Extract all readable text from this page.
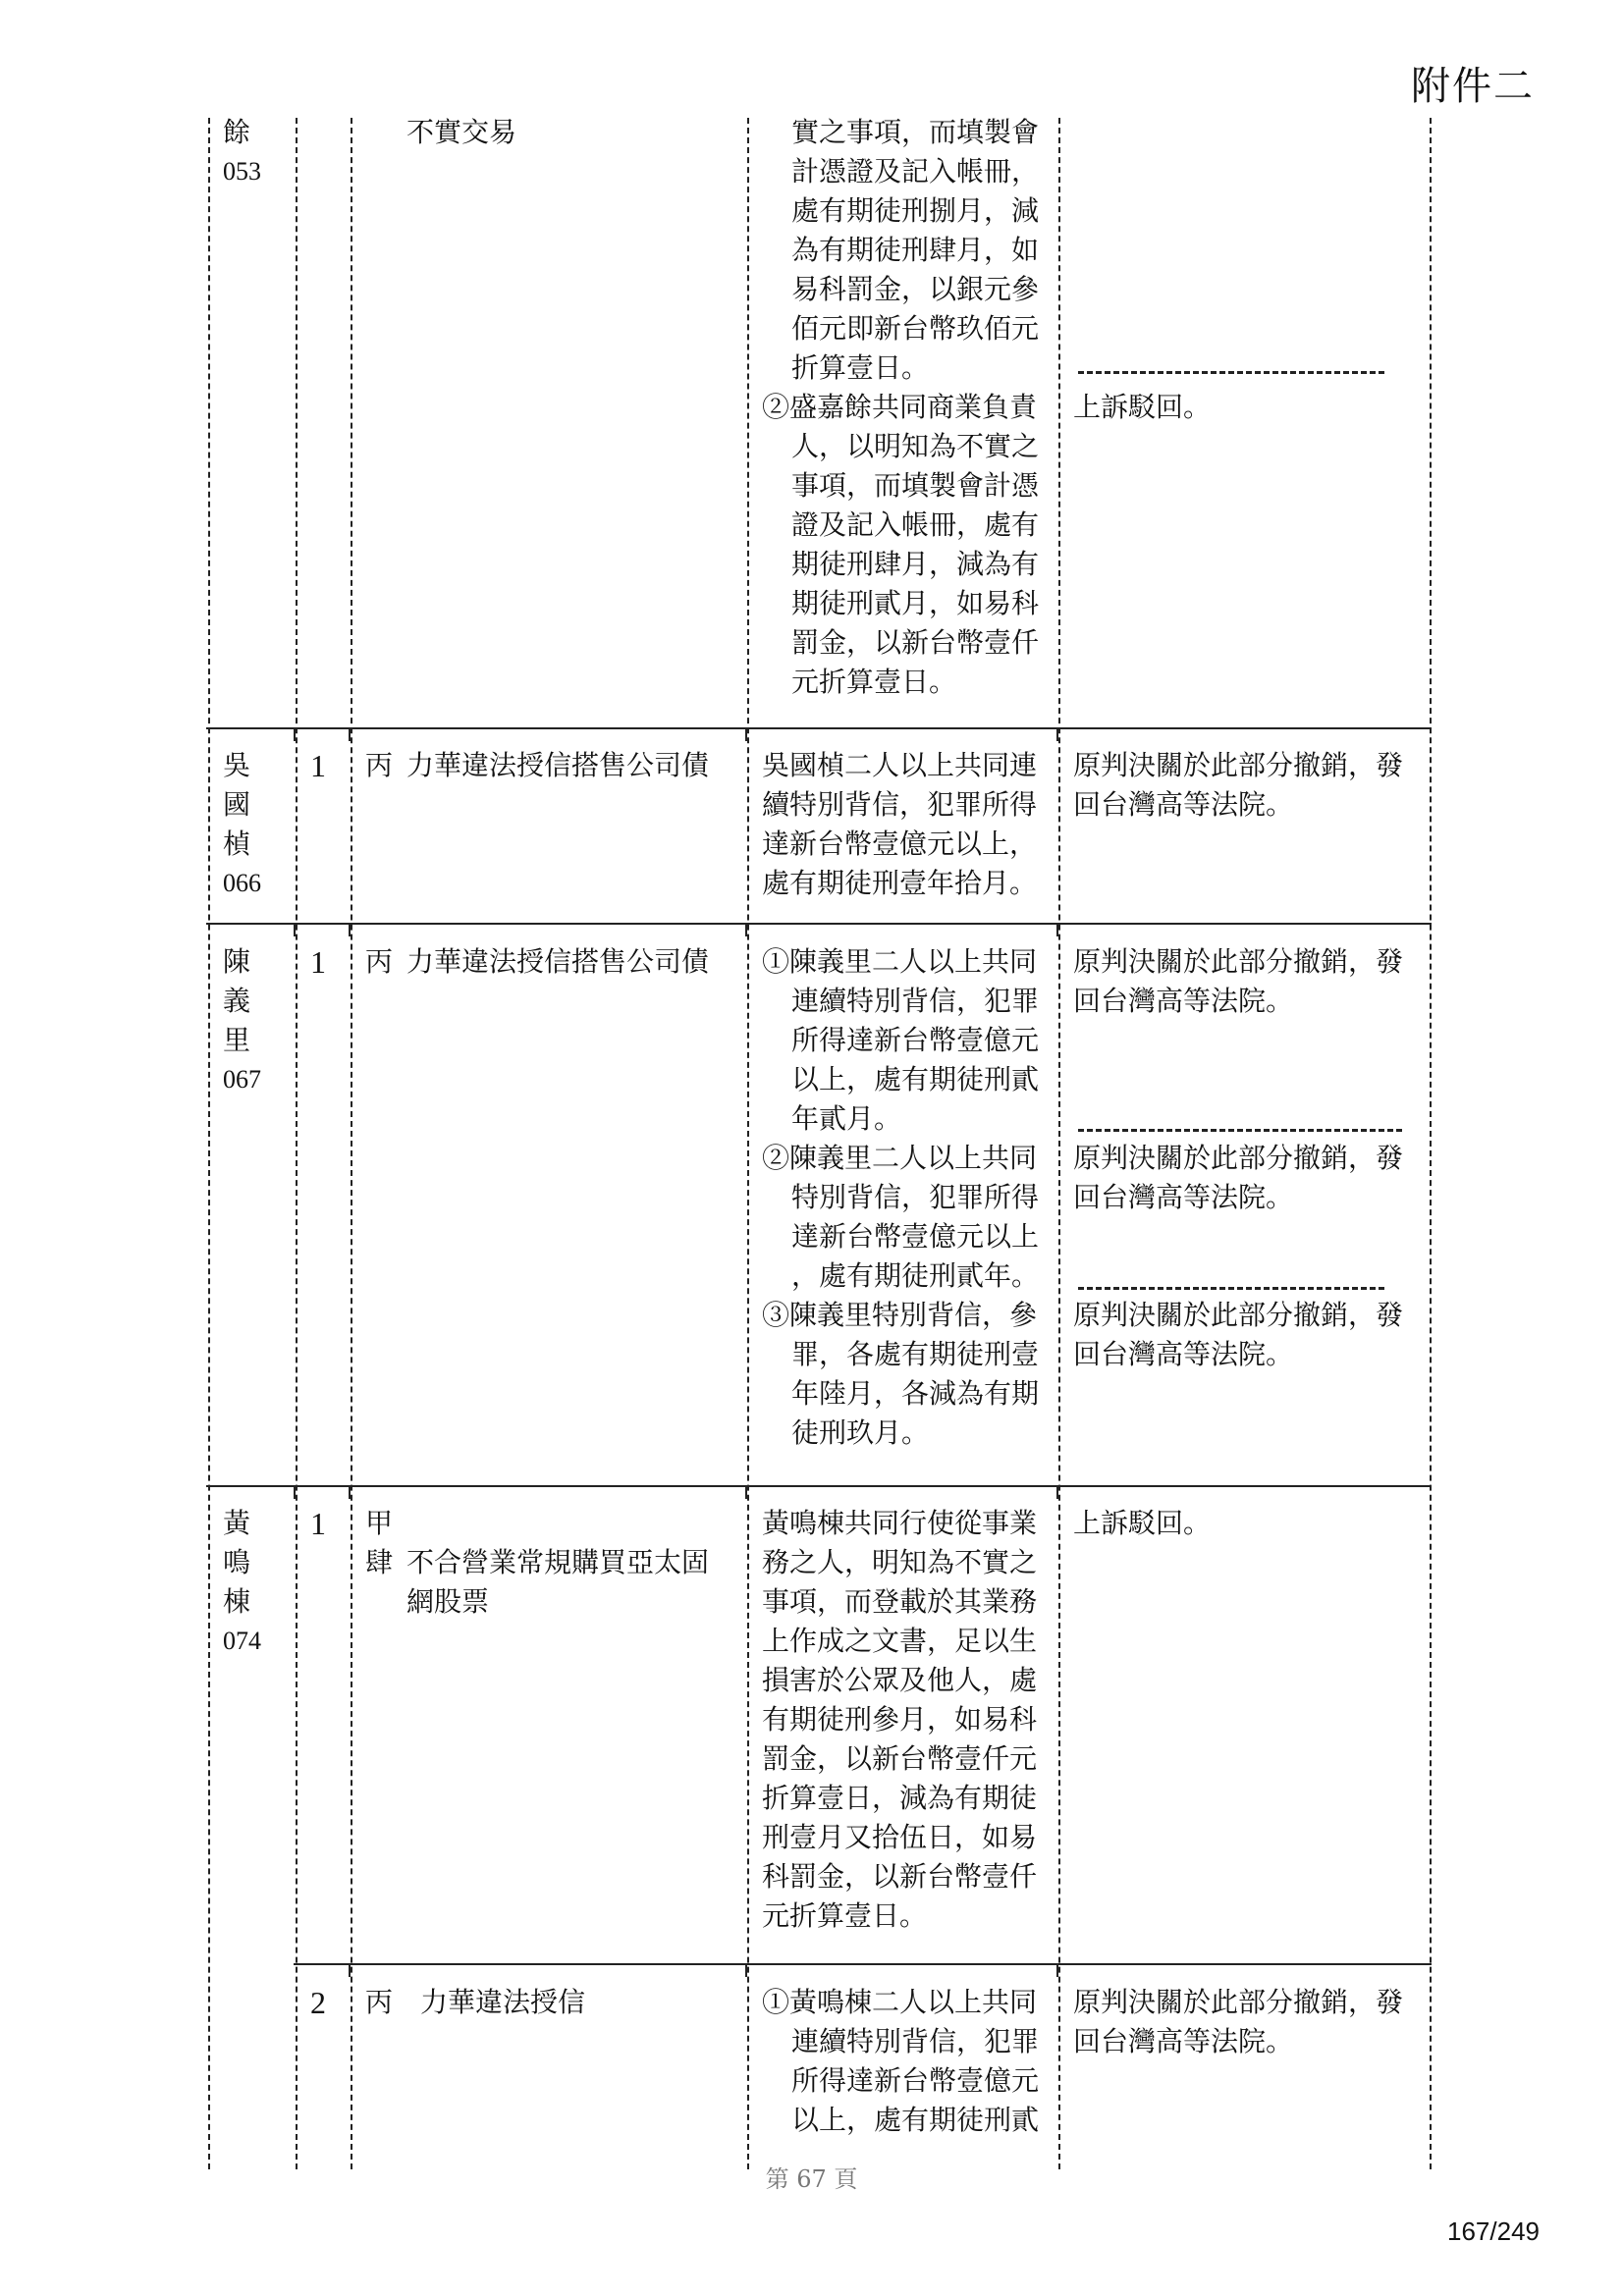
附件二
餘
053
不實交易	實之事項，而填製會
計憑證及記入帳冊，
處有期徒刑捌月，減
為有期徒刑肆月，如
易科罰金，以銀元參
佰元即新台幣玖佰元
折算壹日。
②盛嘉餘共同商業負責
人，以明知為不實之
事項，而填製會計憑
證及記入帳冊，處有
期徒刑肆月，減為有
期徒刑貳月，如易科
罰金，以新台幣壹仟
元折算壹日。
上訴駁回。
吳
國
楨
066
1 丙 力華違法授信搭售公司債 吳國楨二人以上共同連
續特別背信，犯罪所得
達新台幣壹億元以上，
處有期徒刑壹年拾月。
原判決關於此部分撤銷，發
回台灣高等法院。
陳
義
里
067
1 丙 力華違法授信搭售公司債 ①陳義里二人以上共同
連續特別背信，犯罪
所得達新台幣壹億元
以上，處有期徒刑貳
年貳月。
②陳義里二人以上共同
特別背信，犯罪所得
達新台幣壹億元以上
，處有期徒刑貳年。
③陳義里特別背信，參
罪，各處有期徒刑壹
年陸月，各減為有期
徒刑玖月。
原判決關於此部分撤銷，發
回台灣高等法院。
原判決關於此部分撤銷，發
回台灣高等法院。
原判決關於此部分撤銷，發
回台灣高等法院。
黃
鳴
棟
074
1 甲
肆 不合營業常規購買亞太固
網股票
2 丙 力華違法授信
黃鳴棟共同行使從事業
務之人，明知為不實之
事項，而登載於其業務
上作成之文書，足以生
損害於公眾及他人，處
有期徒刑參月，如易科
罰金，以新台幣壹仟元
折算壹日，減為有期徒
刑壹月又拾伍日，如易
科罰金，以新台幣壹仟
元折算壹日。
①黃鳴棟二人以上共同
連續特別背信，犯罪
所得達新台幣壹億元
以上，處有期徒刑貳
上訴駁回。
原判決關於此部分撤銷，發
回台灣高等法院。
第 67 頁
167/249
